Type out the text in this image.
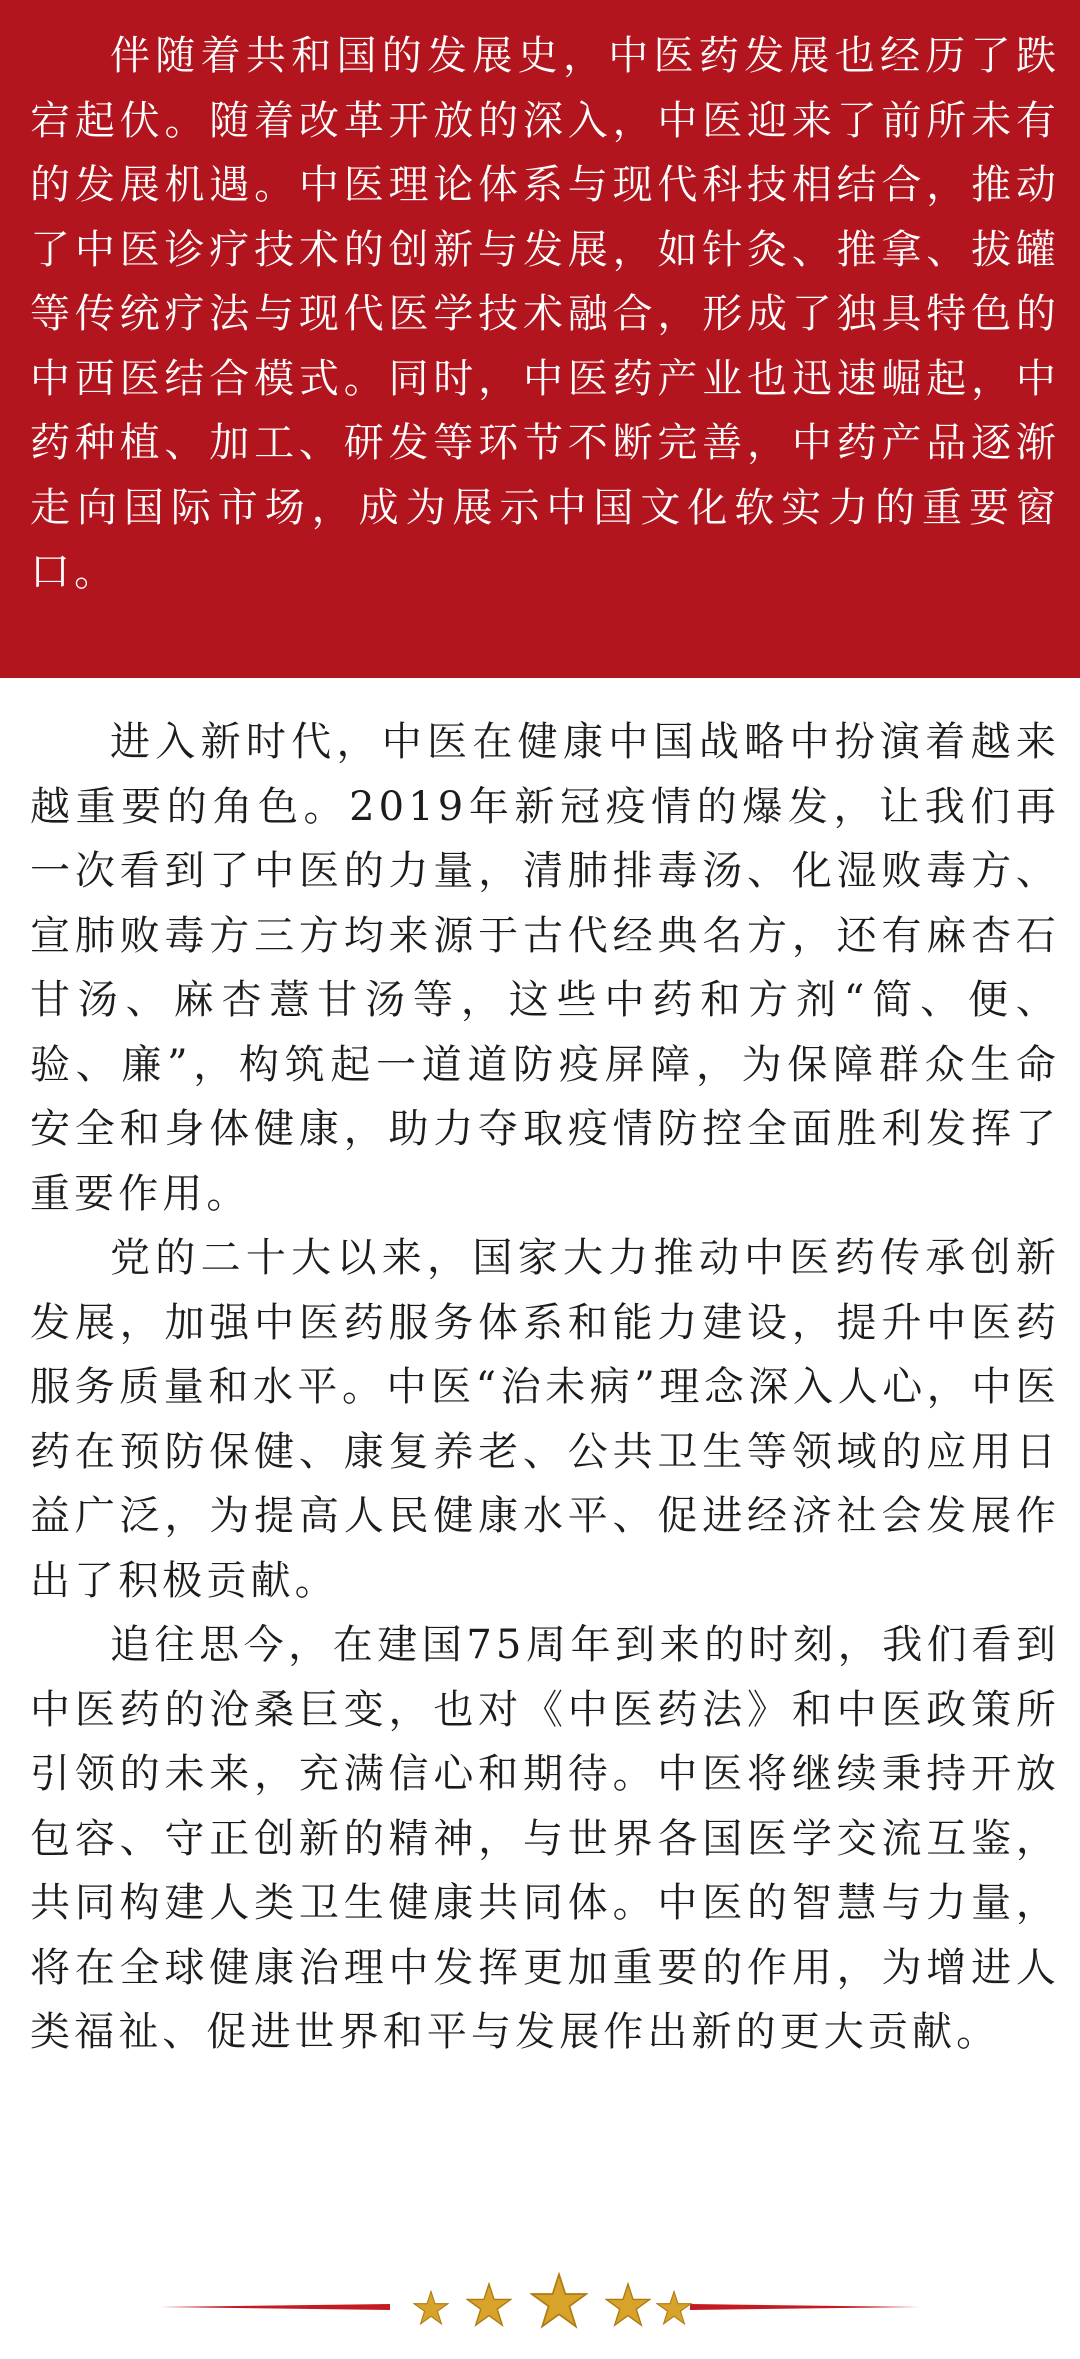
伴随着共和国的发展史，中医药发展也经历了跌宕起伏。随着改革开放的深入，中医迎来了前所未有的发展机遇。中医理论体系与现代科技相结合，推动了中医诊疗技术的创新与发展，如针灸、推拿、拔罐等传统疗法与现代医学技术融合，形成了独具特色的中西医结合模式。同时，中医药产业也迅速崛起，中药种植、加工、研发等环节不断完善，中药产品逐渐走向国际市场，成为展示中国文化软实力的重要窗口。

进入新时代，中医在健康中国战略中扮演着越来越重要的角色。2019年新冠疫情的爆发，让我们再一次看到了中医的力量，清肺排毒汤、化湿败毒方、宣肺败毒方三方均来源于古代经典名方，还有麻杏石甘汤、麻杏薏甘汤等，这些中药和方剂“简、便、验、廉”，构筑起一道道防疫屏障，为保障群众生命安全和身体健康，助力夺取疫情防控全面胜利发挥了重要作用。

党的二十大以来，国家大力推动中医药传承创新发展，加强中医药服务体系和能力建设，提升中医药服务质量和水平。中医“治未病”理念深入人心，中医药在预防保健、康复养老、公共卫生等领域的应用日益广泛，为提高人民健康水平、促进经济社会发展作出了积极贡献。

追往思今，在建国75周年到来的时刻，我们看到中医药的沧桑巨变，也对《中医药法》和中医政策所引领的未来，充满信心和期待。中医将继续秉持开放包容、守正创新的精神，与世界各国医学交流互鉴，共同构建人类卫生健康共同体。中医的智慧与力量，将在全球健康治理中发挥更加重要的作用，为增进人类福祉、促进世界和平与发展作出新的更大贡献。
